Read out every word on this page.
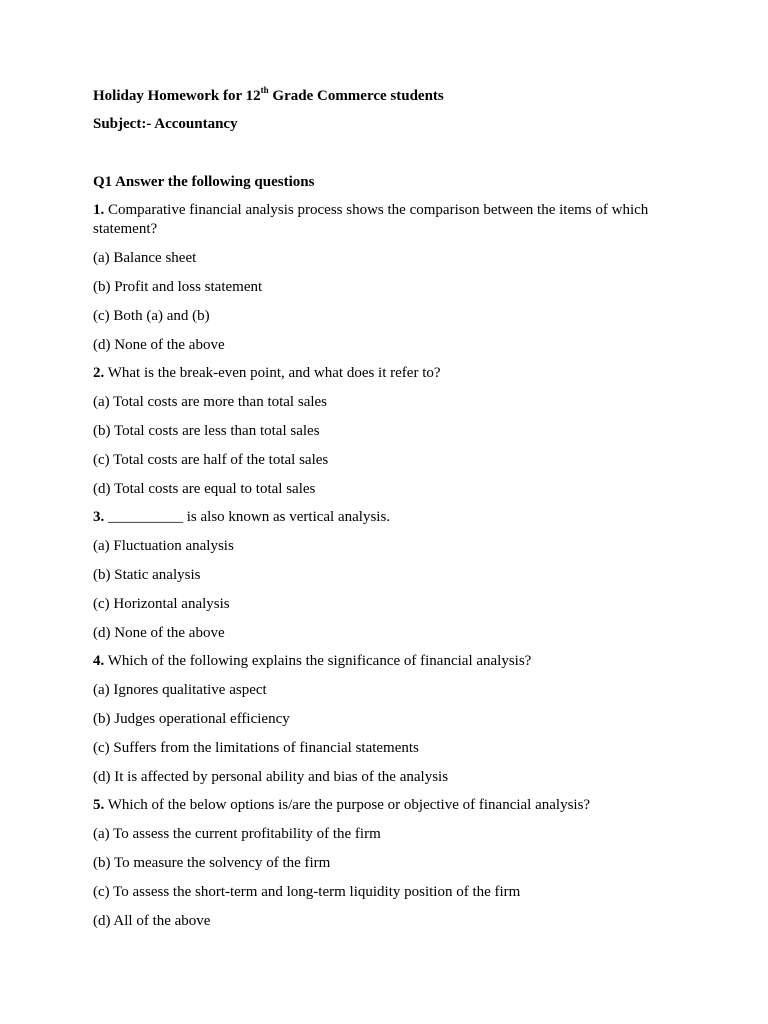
Holiday Homework for 12th Grade Commerce students

Subject:- Accountancy
Q1 Answer the following questions
1. Comparative financial analysis process shows the comparison between the items of which statement?
(a) Balance sheet
(b) Profit and loss statement
(c) Both (a) and (b)
(d) None of the above
2. What is the break-even point, and what does it refer to?
(a) Total costs are more than total sales
(b) Total costs are less than total sales
(c) Total costs are half of the total sales
(d) Total costs are equal to total sales
3. __________ is also known as vertical analysis.
(a) Fluctuation analysis
(b) Static analysis
(c) Horizontal analysis
(d) None of the above
4. Which of the following explains the significance of financial analysis?
(a) Ignores qualitative aspect
(b) Judges operational efficiency
(c) Suffers from the limitations of financial statements
(d) It is affected by personal ability and bias of the analysis
5. Which of the below options is/are the purpose or objective of financial analysis?
(a) To assess the current profitability of the firm
(b) To measure the solvency of the firm
(c) To assess the short-term and long-term liquidity position of the firm
(d) All of the above
